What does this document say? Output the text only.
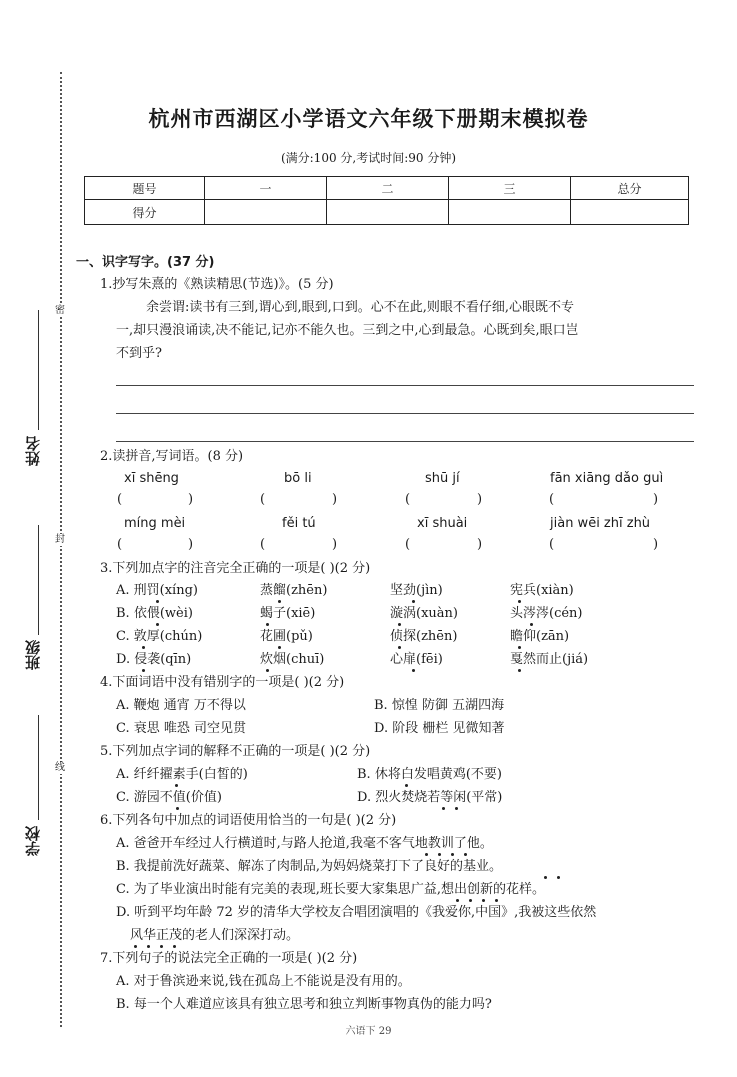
密
封
线
姓名
班级
学校
杭州市西湖区小学语文六年级下册期末模拟卷
(满分:100 分,考试时间:90 分钟)
题号	一	二	三	总分
得分				
一、识字写字。(37 分)
1.抄写朱熹的《熟读精思(节选)》。(5 分)
余尝谓:读书有三到,谓心到,眼到,口到。心不在此,则眼不看仔细,心眼既不专
一,却只漫浪诵读,决不能记,记亦不能久也。三到之中,心到最急。心既到矣,眼口岂
不到乎?
2.读拼音,写词语。(8 分)
xī shēng	bō li	shū jí	fān xiāng dǎo guì
(	)	(	)	(	)	(	)
míng mèi	fěi tú	xī shuài	jiàn wēi zhī zhù
(	)	(	)	(	)	(	)
3.下列加点字的注音完全正确的一项是( )(2 分)
A. 刑罚(xíng)	蒸餾(zhēn)	坚劲(jìn)	宪兵(xiàn)
B. 依偎(wèi)	蝎子(xiē)	漩涡(xuàn)	头涔涔(cén)
C. 敦厚(chún)	花圃(pǔ)	侦探(zhēn)	瞻仰(zān)
D. 侵袭(qīn)	炊烟(chuī)	心扉(fēi)	戛然而止(jiá)
4.下面词语中没有错别字的一项是( )(2 分)
A. 鞭炮 通宵 万不得以	B. 惊惶 防御 五湖四海
C. 衰思 唯恐 司空见贯	D. 阶段 栅栏 见微知著
5.下列加点字词的解释不正确的一项是( )(2 分)
A. 纤纤擢素手(白皙的)	B. 休将白发唱黄鸡(不要)
C. 游园不值(价值)	D. 烈火焚烧若等闲(平常)
6.下列各句中加点的词语使用恰当的一句是( )(2 分)
A. 爸爸开车经过人行横道时,与路人抢道,我毫不客气地教训了他。
B. 我提前洗好蔬菜、解冻了肉制品,为妈妈烧菜打下了良好的基业。
C. 为了毕业演出时能有完美的表现,班长要大家集思广益,想出创新的花样。
D. 听到平均年龄 72 岁的清华大学校友合唱团演唱的《我爱你,中国》,我被这些依然
风华正茂的老人们深深打动。
7.下列句子的说法完全正确的一项是( )(2 分)
A. 对于鲁滨逊来说,钱在孤岛上不能说是没有用的。
B. 每一个人难道应该具有独立思考和独立判断事物真伪的能力吗?
六语下 29
